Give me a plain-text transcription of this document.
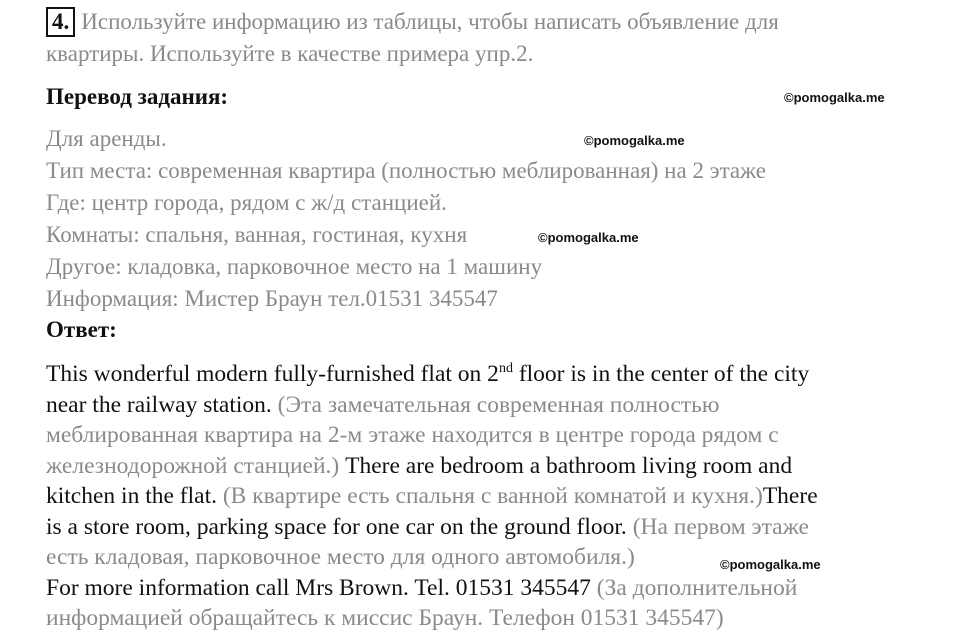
4. Используйте информацию из таблицы, чтобы написать объявление для
квартиры. Используйте в качестве примера упр.2.
Перевод задания:	©pomogalka.me
Для аренды.
Тип места: современная квартира (полностью меблированная) на 2 этаже
Где: центр города, рядом с ж/д станцией.
Комнаты: спальня, ванная, гостиная, кухня
Другое: кладовка, парковочное место на 1 машину
Информация: Мистер Браун тел.01531 345547
©pomogalka.me
©pomogalka.me
Ответ:
This wonderful modern fully-furnished flat on 2nd floor is in the center of the city
near the railway station. (Эта замечательная современная полностью
меблированная квартира на 2-м этаже находится в центре города рядом с
железнодорожной станцией.) There are bedroom a bathroom living room and
kitchen in the flat. (В квартире есть спальня с ванной комнатой и кухня.)There
is a store room, parking space for one car on the ground floor. (На первом этаже
есть кладовая, парковочное место для одного автомобиля.)
For more information call Mrs Brown. Tel. 01531 345547 (За дополнительной
информацией обращайтесь к миссис Браун. Телефон 01531 345547)
©pomogalka.me
